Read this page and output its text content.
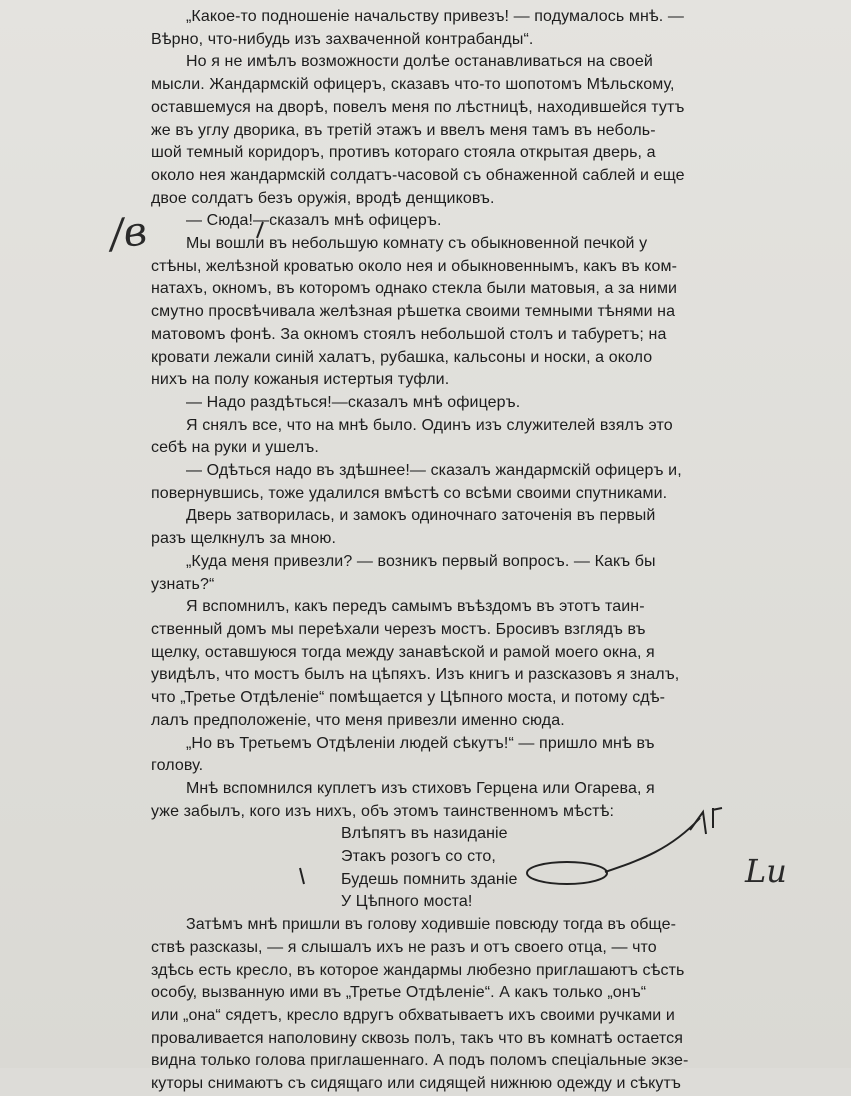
„Какое-то подношеніе начальству привезъ! — подумалось мнѣ. —
Вѣрно, что-нибудь изъ захваченной контрабанды“.

Но я не имѣлъ возможности долѣе останавливаться на своей
мысли. Жандармскій офицеръ, сказавъ что-то шопотомъ Мѣльскому,
оставшемуся на дворѣ, повелъ меня по лѣстницѣ, находившейся тутъ
же въ углу дворика, въ третій этажъ и ввелъ меня тамъ въ неболь-
шой темный коридоръ, противъ котораго стояла открытая дверь, а
около нея жандармскій солдатъ-часовой съ обнаженной саблей и еще
двое солдатъ безъ оружія, вродѣ денщиковъ.

— Сюда!—сказалъ мнѣ офицеръ.

Мы вошли въ небольшую комнату съ обыкновенной печкой у
стѣны, желѣзной кроватью около нея и обыкновеннымъ, какъ въ ком-
натахъ, окномъ, въ которомъ однако стекла были матовыя, а за ними
смутно просвѣчивала желѣзная рѣшетка своими темными тѣнями на
матовомъ фонѣ. За окномъ стоялъ небольшой столъ и табуретъ; на
кровати лежали синій халатъ, рубашка, кальсоны и носки, а около
нихъ на полу кожаныя истертыя туфли.

— Надо раздѣться!—сказалъ мнѣ офицеръ.

Я снялъ все, что на мнѣ было. Одинъ изъ служителей взялъ это
себѣ на руки и ушелъ.

— Одѣться надо въ здѣшнее!— сказалъ жандармскій офицеръ и,
повернувшись, тоже удалился вмѣстѣ со всѣми своими спутниками.

Дверь затворилась, и замокъ одиночнаго заточенія въ первый
разъ щелкнулъ за мною.

„Куда меня привезли? — возникъ первый вопросъ. — Какъ бы
узнать?“

Я вспомнилъ, какъ передъ самымъ въѣздомъ въ этотъ таин-
ственный домъ мы переѣхали черезъ мостъ. Бросивъ взглядъ въ
щелку, оставшуюся тогда между занавѣской и рамой моего окна, я
увидѣлъ, что мостъ былъ на цѣпяхъ. Изъ книгъ и разсказовъ я зналъ,
что „Третье Отдѣленіе“ помѣщается у Цѣпного моста, и потому сдѣ-
лалъ предположеніе, что меня привезли именно сюда.

„Но въ Третьемъ Отдѣленіи людей сѣкутъ!“ — пришло мнѣ въ
голову.

Мнѣ вспомнился куплетъ изъ стиховъ Герцена или Огарева, я
уже забылъ, кого изъ нихъ, объ этомъ таинственномъ мѣстѣ:

Влѣпятъ въ назиданіе
Этакъ розогъ со сто,
Будешь помнить зданіе
У Цѣпного моста!

Затѣмъ мнѣ пришли въ голову ходившіе повсюду тогда въ обще-
ствѣ разсказы, — я слышалъ ихъ не разъ и отъ своего отца, — что
здѣсь есть кресло, въ которое жандармы любезно приглашаютъ сѣсть
особу, вызванную ими въ „Третье Отдѣленіе“. А какъ только „онъ“
или „она“ сядетъ, кресло вдругъ обхватываетъ ихъ своими ручками и
проваливается наполовину сквозь полъ, такъ что въ комнатѣ остается
видна только голова приглашеннаго. А подъ поломъ спеціальные экзе-
куторы снимаютъ съ сидящаго или сидящей нижнюю одежду и сѣкутъ

/в
Lu
